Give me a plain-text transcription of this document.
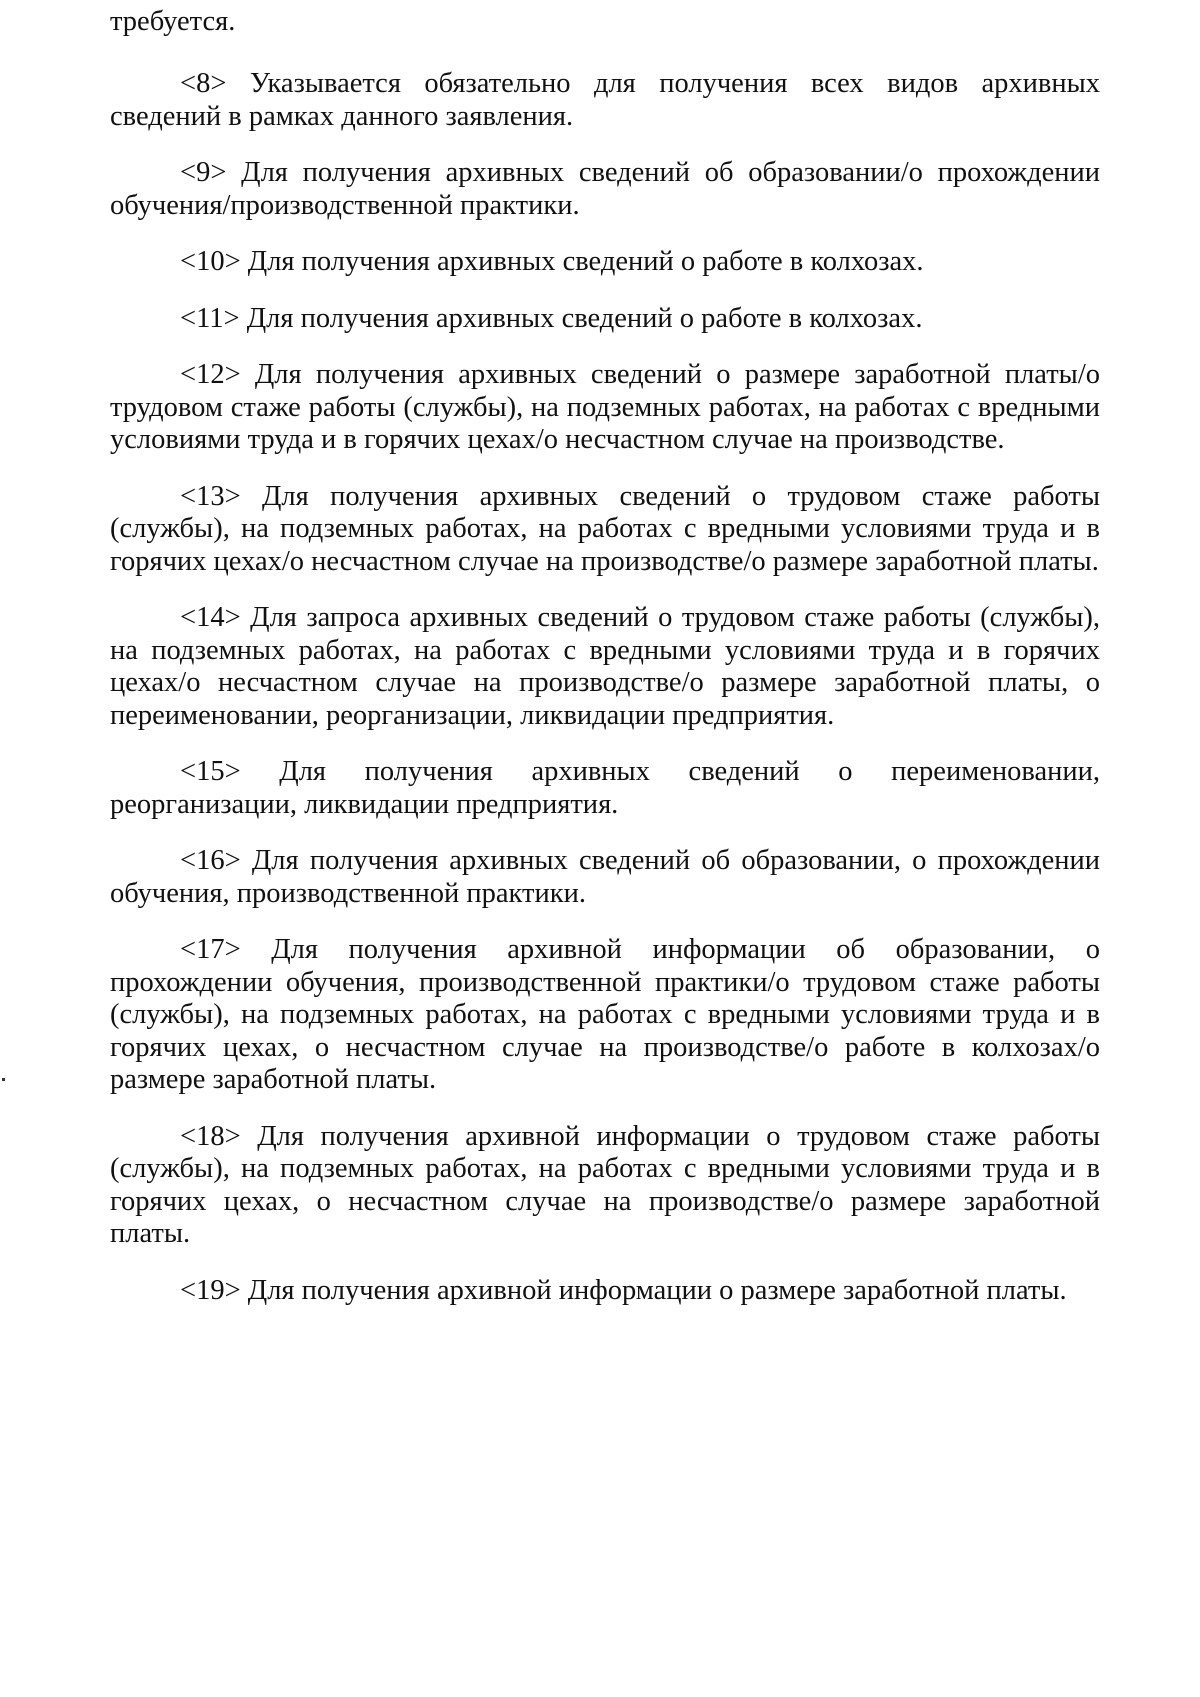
требуется.

<8> Указывается обязательно для получения всех видов архивных сведений в рамках данного заявления.

<9> Для получения архивных сведений об образовании/о прохождении обучения/производственной практики.

<10> Для получения архивных сведений о работе в колхозах.

<11> Для получения архивных сведений о работе в колхозах.

<12> Для получения архивных сведений о размере заработной платы/о трудовом стаже работы (службы), на подземных работах, на работах с вредными условиями труда и в горячих цехах/о несчастном случае на производстве.

<13> Для получения архивных сведений о трудовом стаже работы (службы), на подземных работах, на работах с вредными условиями труда и в горячих цехах/о несчастном случае на производстве/о размере заработной платы.

<14> Для запроса архивных сведений о трудовом стаже работы (службы), на подземных работах, на работах с вредными условиями труда и в горячих цехах/о несчастном случае на производстве/о размере заработной платы, о переименовании, реорганизации, ликвидации предприятия.

<15> Для получения архивных сведений о переименовании, реорганизации, ликвидации предприятия.

<16> Для получения архивных сведений об образовании, о прохождении обучения, производственной практики.

<17> Для получения архивной информации об образовании, о прохождении обучения, производственной практики/о трудовом стаже работы (службы), на подземных работах, на работах с вредными условиями труда и в горячих цехах, о несчастном случае на производстве/о работе в колхозах/о размере заработной платы.

<18> Для получения архивной информации о трудовом стаже работы (службы), на подземных работах, на работах с вредными условиями труда и в горячих цехах, о несчастном случае на производстве/о размере заработной платы.

<19> Для получения архивной информации о размере заработной платы.
